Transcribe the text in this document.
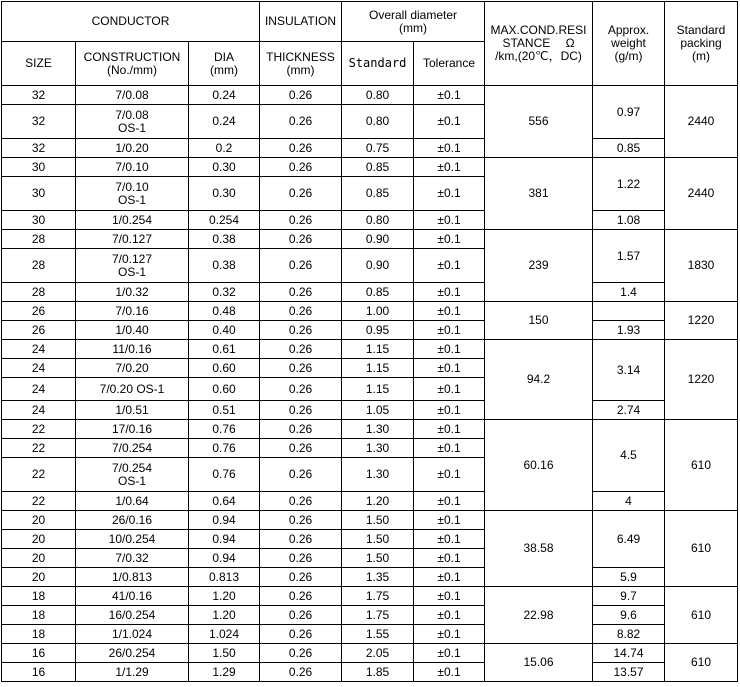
CONDUCTOR			INSULATION	Overall diameter
(mm)		MAX.COND.RESI
STANCE　 Ω
/km,(20℃，DC)	Approx.
weight
(g/m)	Standard
packing
(m)
SIZE	CONSTRUCTION
(No./mm)	DIA
(mm)	THICKNESS
(mm)	Standard	Tolerance			
32	7/0.08	0.24	0.26	0.80	±0.1	556	0.97	2440
32	7/0.08
OS-1	0.24	0.26	0.80	±0.1			
32	1/0.20	0.2	0.26	0.75	±0.1		0.85	
30	7/0.10	0.30	0.26	0.85	±0.1	381	1.22	2440
30	7/0.10
OS-1	0.30	0.26	0.85	±0.1			
30	1/0.254	0.254	0.26	0.80	±0.1		1.08	
28	7/0.127	0.38	0.26	0.90	±0.1	239	1.57	1830
28	7/0.127
OS-1	0.38	0.26	0.90	±0.1			
28	1/0.32	0.32	0.26	0.85	±0.1		1.4	
26	7/0.16	0.48	0.26	1.00	±0.1	150		1220
26	1/0.40	0.40	0.26	0.95	±0.1		1.93	
24	11/0.16	0.61	0.26	1.15	±0.1	94.2	3.14	1220
24	7/0.20	0.60	0.26	1.15	±0.1			
24	7/0.20 OS-1	0.60	0.26	1.15	±0.1			
24	1/0.51	0.51	0.26	1.05	±0.1		2.74	
22	17/0.16	0.76	0.26	1.30	±0.1	60.16	4.5	610
22	7/0.254	0.76	0.26	1.30	±0.1			
22	7/0.254
OS-1	0.76	0.26	1.30	±0.1			
22	1/0.64	0.64	0.26	1.20	±0.1		4	
20	26/0.16	0.94	0.26	1.50	±0.1	38.58	6.49	610
20	10/0.254	0.94	0.26	1.50	±0.1			
20	7/0.32	0.94	0.26	1.50	±0.1			
20	1/0.813	0.813	0.26	1.35	±0.1		5.9	
18	41/0.16	1.20	0.26	1.75	±0.1	22.98	9.7	610
18	16/0.254	1.20	0.26	1.75	±0.1		9.6	
18	1/1.024	1.024	0.26	1.55	±0.1		8.82	
16	26/0.254	1.50	0.26	2.05	±0.1	15.06	14.74	610
16	1/1.29	1.29	0.26	1.85	±0.1		13.57	
